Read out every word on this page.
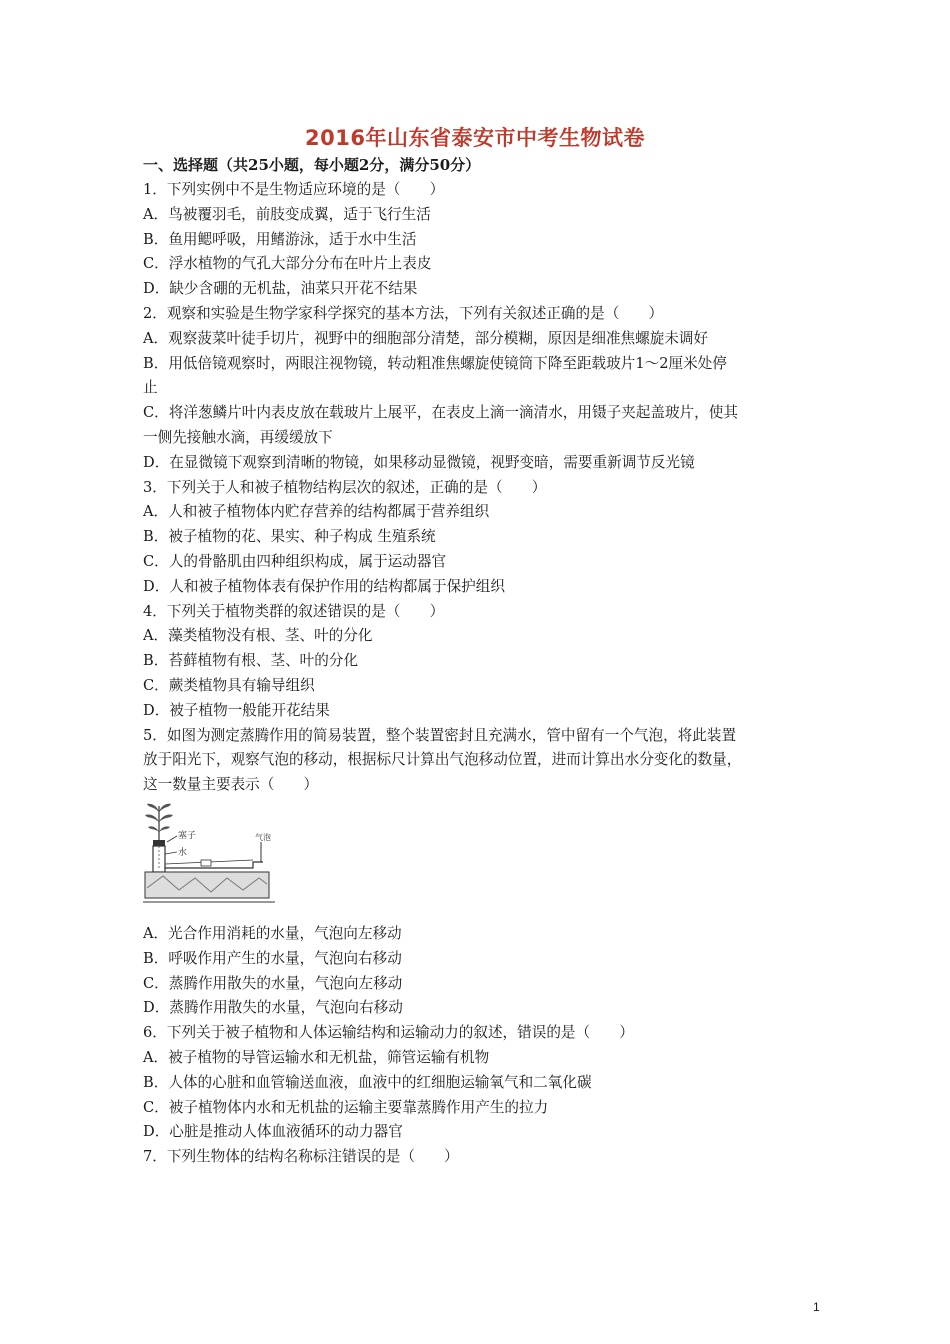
2016年山东省泰安市中考生物试卷
一、选择题（共25小题，每小题2分，满分50分）
1．下列实例中不是生物适应环境的是（　　）
A．鸟被覆羽毛，前肢变成翼，适于飞行生活
B．鱼用鳃呼吸，用鳍游泳，适于水中生活
C．浮水植物的气孔大部分分布在叶片上表皮
D．缺少含硼的无机盐，油菜只开花不结果
2．观察和实验是生物学家科学探究的基本方法，下列有关叙述正确的是（　　）
A．观察菠菜叶徒手切片，视野中的细胞部分清楚，部分模糊，原因是细准焦螺旋未调好
B．用低倍镜观察时，两眼注视物镜，转动粗准焦螺旋使镜筒下降至距载玻片1～2厘米处停
止
C．将洋葱鳞片叶内表皮放在载玻片上展平，在表皮上滴一滴清水，用镊子夹起盖玻片，使其
一侧先接触水滴，再缓缓放下
D．在显微镜下观察到清晰的物镜，如果移动显微镜，视野变暗，需要重新调节反光镜
3．下列关于人和被子植物结构层次的叙述，正确的是（　　）
A．人和被子植物体内贮存营养的结构都属于营养组织
B．被子植物的花、果实、种子构成 生殖系统
C．人的骨骼肌由四种组织构成，属于运动器官
D．人和被子植物体表有保护作用的结构都属于保护组织
4．下列关于植物类群的叙述错误的是（　　）
A．藻类植物没有根、茎、叶的分化
B．苔藓植物有根、茎、叶的分化
C．蕨类植物具有输导组织
D．被子植物一般能开花结果
5．如图为测定蒸腾作用的简易装置，整个装置密封且充满水，管中留有一个气泡，将此装置
放于阳光下，观察气泡的移动，根据标尺计算出气泡移动位置，进而计算出水分变化的数量，
这一数量主要表示（　　）
塞子
水
气泡
A．光合作用消耗的水量，气泡向左移动
B．呼吸作用产生的水量，气泡向右移动
C．蒸腾作用散失的水量，气泡向左移动
D．蒸腾作用散失的水量，气泡向右移动
6．下列关于被子植物和人体运输结构和运输动力的叙述，错误的是（　　）
A．被子植物的导管运输水和无机盐，筛管运输有机物
B．人体的心脏和血管输送血液，血液中的红细胞运输氧气和二氧化碳
C．被子植物体内水和无机盐的运输主要靠蒸腾作用产生的拉力
D．心脏是推动人体血液循环的动力器官
7．下列生物体的结构名称标注错误的是（　　）
1
